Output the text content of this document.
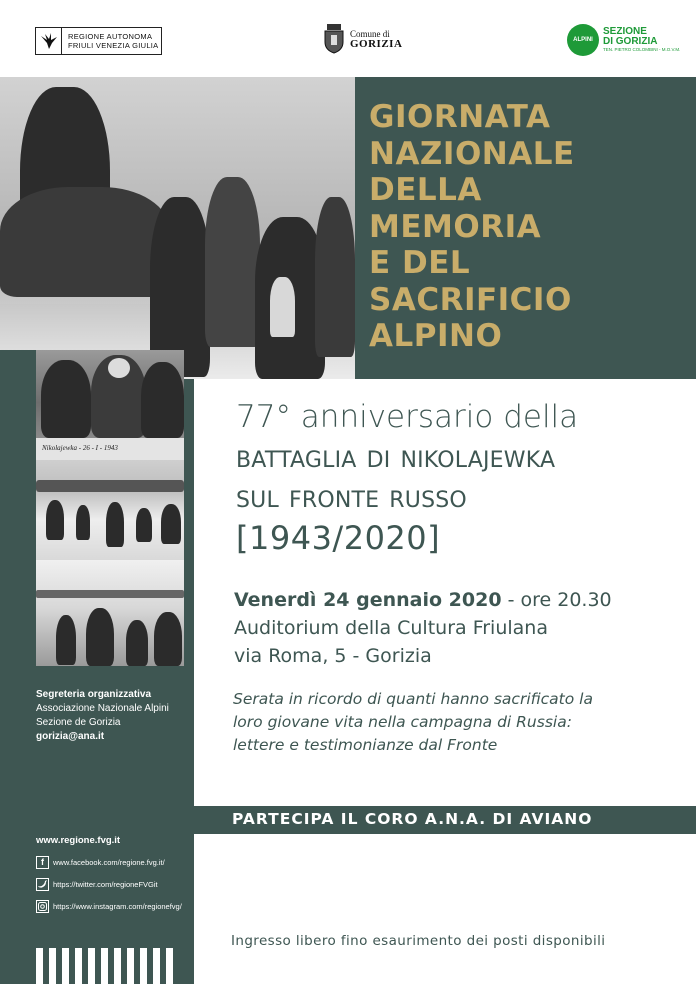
REGIONE AUTONOMA
FRIULI VENEZIA GIULIA
Comune di
GORIZIA	ALPINI
SEZIONE
DI GORIZIA
TEN. PIETRO COLOMBINI - M.O.V.M.
GIORNATA
NAZIONALE
DELLA
MEMORIA
E DEL
SACRIFICIO
ALPINO
Nikolajewka - 26 - I - 1943
77° anniversario della
battaglia di nikolajewka
sul fronte russo
[1943/2020]
Venerdì 24 gennaio 2020 - ore 20.30
Auditorium della Cultura Friulana
via Roma, 5 - Gorizia
Serata in ricordo di quanti hanno sacrificato la
loro giovane vita nella campagna di Russia:
lettere e testimonianze dal Fronte
PARTECIPA IL CORO A.N.A. DI AVIANO
Ingresso libero fino esaurimento dei posti disponibili
Segreteria organizzativa
Associazione Nazionale Alpini
Sezione de Gorizia
gorizia@ana.it
www.regione.fvg.it
f	www.facebook.com/regione.fvg.it/
https://twitter.com/regioneFVGit
https://www.instagram.com/regionefvg/
